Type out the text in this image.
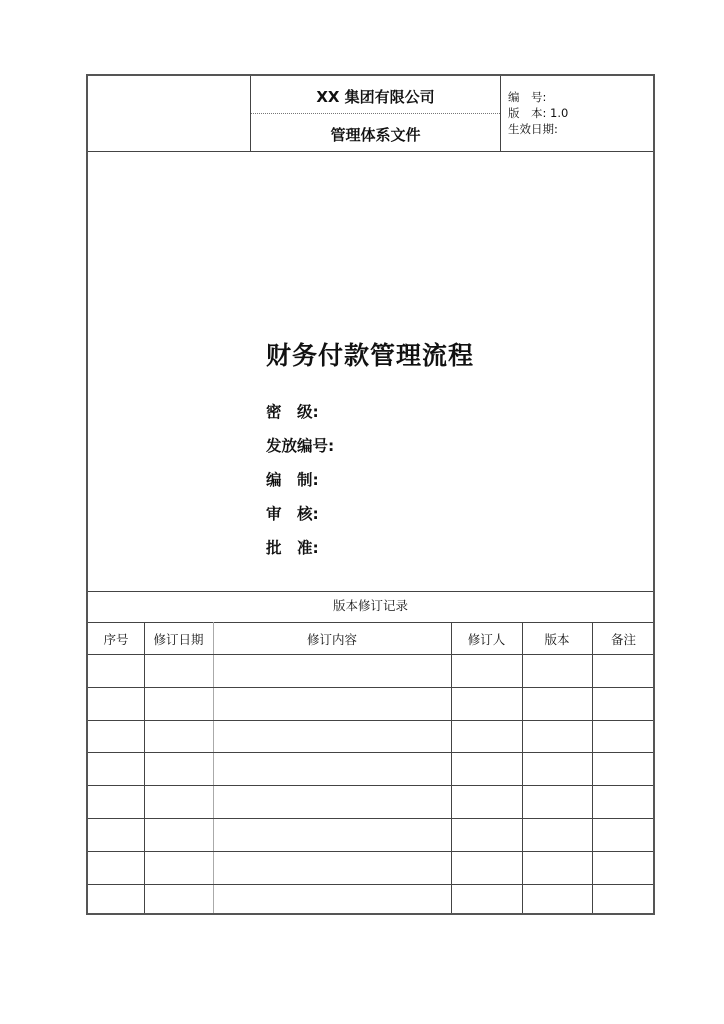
XX 集团有限公司
管理体系文件
编　号:
版　本: 1.0
生效日期:
财务付款管理流程
密　级:
发放编号:
编　制:
审　核:
批　准:
版本修订记录
序号	修订日期	修订内容	修订人	版本	备注
